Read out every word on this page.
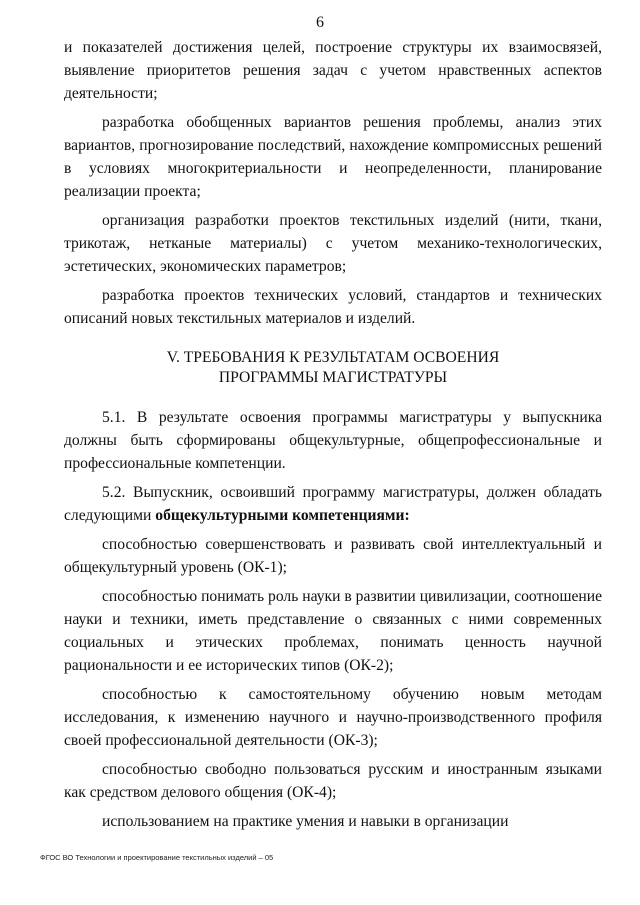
6

и показателей достижения целей, построение структуры их взаимосвязей, выявление приоритетов решения задач с учетом нравственных аспектов деятельности;

разработка обобщенных вариантов решения проблемы, анализ этих вариантов, прогнозирование последствий, нахождение компромиссных решений в условиях многокритериальности и неопределенности, планирование реализации проекта;

организация разработки проектов текстильных изделий (нити, ткани, трикотаж, нетканые материалы) с учетом механико-технологических, эстетических, экономических параметров;

разработка проектов технических условий, стандартов и технических описаний новых текстильных материалов и изделий.

V. ТРЕБОВАНИЯ К РЕЗУЛЬТАТАМ ОСВОЕНИЯ
ПРОГРАММЫ МАГИСТРАТУРЫ

5.1. В результате освоения программы магистратуры у выпускника должны быть сформированы общекультурные, общепрофессиональные и профессиональные компетенции.

5.2. Выпускник, освоивший программу магистратуры, должен обладать следующими общекультурными компетенциями:

способностью совершенствовать и развивать свой интеллектуальный и общекультурный уровень (ОК-1);

способностью понимать роль науки в развитии цивилизации, соотношение науки и техники, иметь представление о связанных с ними современных социальных и этических проблемах, понимать ценность научной рациональности и ее исторических типов (ОК-2);

способностью к самостоятельному обучению новым методам исследования, к изменению научного и научно-производственного профиля своей профессиональной деятельности (ОК-3);

способностью свободно пользоваться русским и иностранным языками как средством делового общения (ОК-4);

использованием на практике умения и навыки в организации

ФГОС ВО Технологии и проектирование текстильных изделий – 05
